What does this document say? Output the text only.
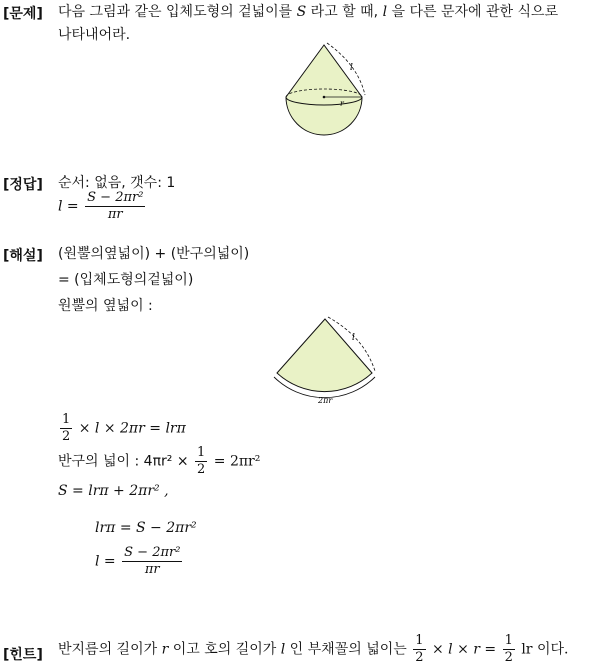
[문제] 다음 그림과 같은 입체도형의 겉넓이를 S 라고 할 때, l 을 다른 문자에 관한 식으로
나타내어라.
l
r
[정답] 순서: 없음, 갯수: 1
$l = \frac{\text{S − 2πr²}}{\pi r}$
[해설] (원뿔의옆넓이) + (반구의넓이)
= (입체도형의겉넓이)
원뿔의 옆넓이 :
l
2πr
$\frac{1}{2} \times l \times 2\pi r = lr\pi$
반구의 넓이 : $4\pi r^2 \times \frac{1}{2} = 2\pi r^2$
S = lrπ + 2πr² ,
lrπ = S − 2πr²
$l = \frac{\text{S − 2πr²}}{\pi r}$
[힌트] 반지름의 길이가 r 이고 호의 길이가 l 인 부채꼴의 넓이는 $\frac{1}{2} \times l \times r = \frac{1}{2}$ lr 이다.
